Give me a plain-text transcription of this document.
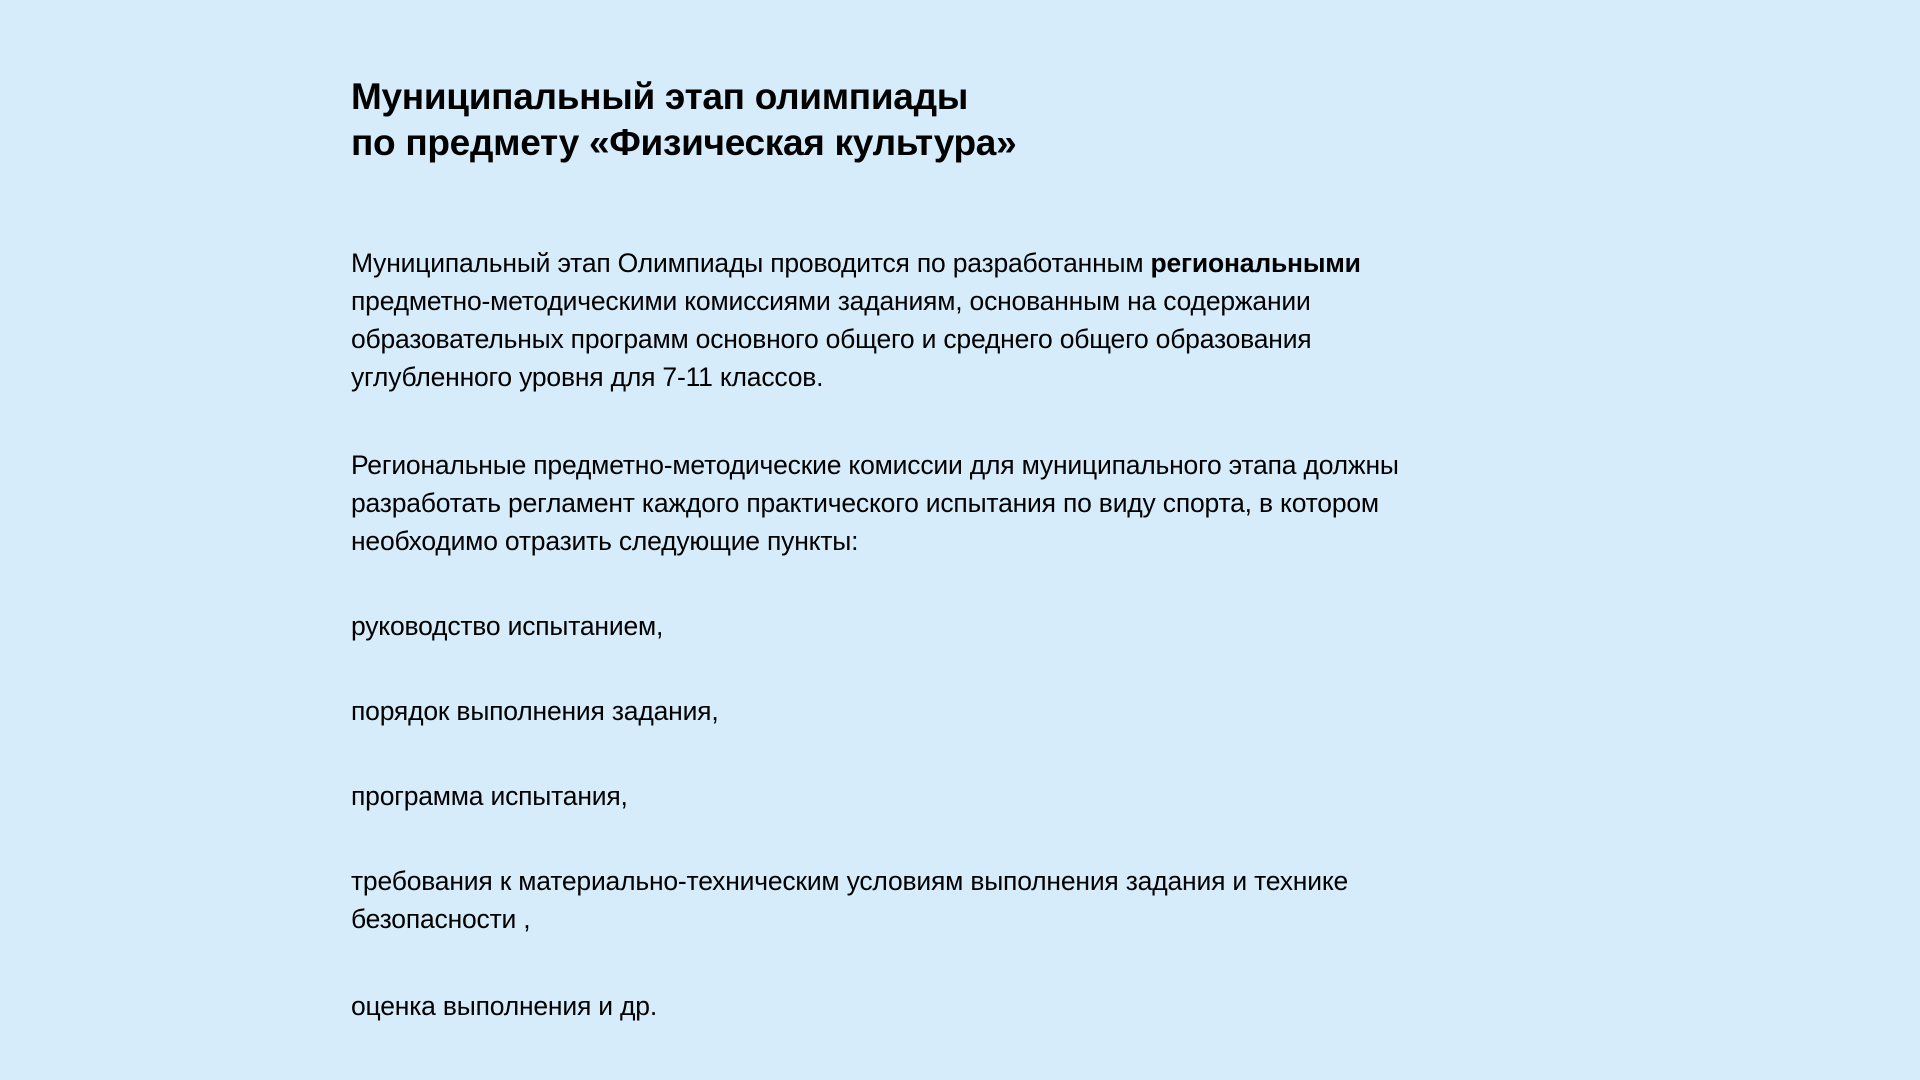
Муниципальный этап олимпиады
по предмету «Физическая культура»

Муниципальный этап Олимпиады проводится по разработанным региональными
предметно-методическими комиссиями заданиям, основанным на содержании
образовательных программ основного общего и среднего общего образования
углубленного уровня для 7-11 классов.

Региональные предметно-методические комиссии для муниципального этапа должны
разработать регламент каждого практического испытания по виду спорта, в котором
необходимо отразить следующие пункты:

руководство испытанием,

порядок выполнения задания,

программа испытания,

требования к материально-техническим условиям выполнения задания и технике
безопасности ,

оценка выполнения и др.
